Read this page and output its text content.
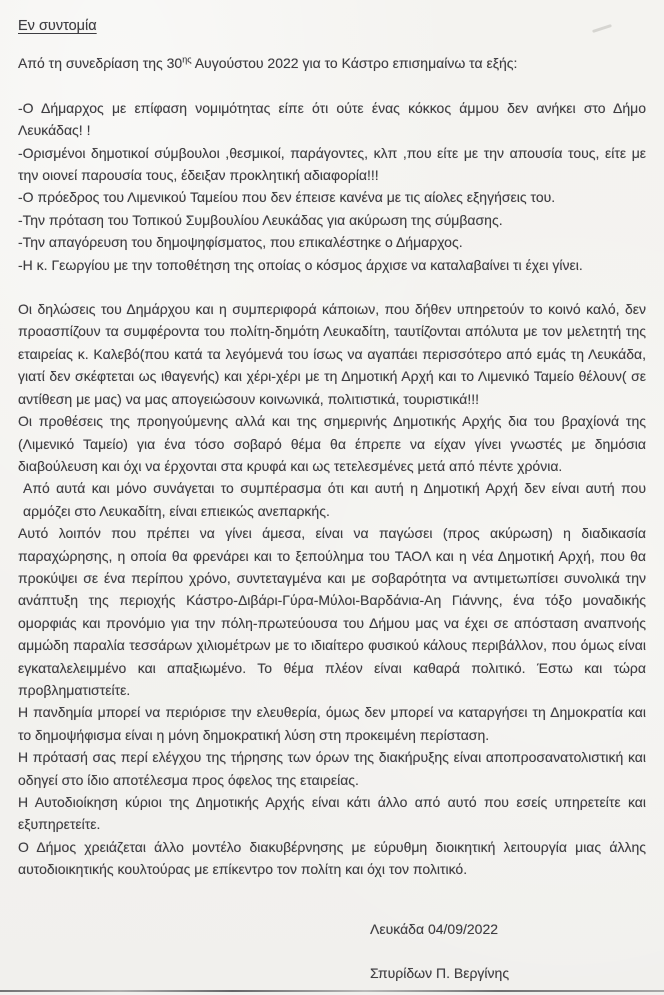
Εν συντομία

Από τη συνεδρίαση της $30^{\eta\varsigma}$ Αυγούστου 2022 για το Κάστρο επισημαίνω τα εξής:

-Ο Δήμαρχος με επίφαση νομιμότητας είπε ότι ούτε ένας κόκκος άμμου δεν ανήκει στο Δήμο Λευκάδας! !

-Ορισμένοι δημοτικοί σύμβουλοι ,θεσμικοί, παράγοντες, κλπ ,που είτε με την απουσία τους, είτε με την οιονεί παρουσία τους, έδειξαν προκλητική αδιαφορία!!!

-Ο πρόεδρος του Λιμενικού Ταμείου που δεν έπεισε κανένα με τις αίολες εξηγήσεις του.

-Την πρόταση του Τοπικού Συμβουλίου Λευκάδας για ακύρωση της σύμβασης.

-Την απαγόρευση του δημοψηφίσματος, που επικαλέστηκε ο Δήμαρχος.

-Η κ. Γεωργίου με την τοποθέτηση της οποίας ο κόσμος άρχισε να καταλαβαίνει τι έχει γίνει.

Οι δηλώσεις του Δημάρχου και η συμπεριφορά κάποιων, που δήθεν υπηρετούν το κοινό καλό, δεν προασπίζουν τα συμφέροντα του πολίτη-δημότη Λευκαδίτη, ταυτίζονται απόλυτα με τον μελετητή της εταιρείας κ. Καλεβό(που κατά τα λεγόμενά του ίσως να αγαπάει περισσότερο από εμάς τη Λευκάδα, γιατί δεν σκέφτεται ως ιθαγενής) και χέρι-χέρι με τη Δημοτική Αρχή και το Λιμενικό Ταμείο θέλουν( σε αντίθεση με μας) να μας απογειώσουν κοινωνικά, πολιτιστικά, τουριστικά!!!

Οι προθέσεις της προηγούμενης αλλά και της σημερινής Δημοτικής Αρχής δια του βραχίονά της (Λιμενικό Ταμείο) για ένα τόσο σοβαρό θέμα θα έπρεπε να είχαν γίνει γνωστές με δημόσια διαβούλευση και όχι να έρχονται στα κρυφά και ως τετελεσμένες μετά από πέντε χρόνια.

Από αυτά και μόνο συνάγεται το συμπέρασμα ότι και αυτή η Δημοτική Αρχή δεν είναι αυτή που αρμόζει στο Λευκαδίτη, είναι επιεικώς ανεπαρκής.

Αυτό λοιπόν που πρέπει να γίνει άμεσα, είναι να παγώσει (προς ακύρωση) η διαδικασία παραχώρησης, η οποία θα φρενάρει και το ξεπούλημα του ΤΑΟΛ και η νέα Δημοτική Αρχή, που θα προκύψει σε ένα περίπου χρόνο, συντεταγμένα και με σοβαρότητα να αντιμετωπίσει συνολικά την ανάπτυξη της περιοχής Κάστρο-Διβάρι-Γύρα-Μύλοι-Βαρδάνια-Αη Γιάννης, ένα τόξο μοναδικής ομορφιάς και προνόμιο για την πόλη-πρωτεύουσα του Δήμου μας να έχει σε απόσταση αναπνοής αμμώδη παραλία τεσσάρων χιλιομέτρων με το ιδιαίτερο φυσικού κάλους περιβάλλον, που όμως είναι εγκαταλελειμμένο και απαξιωμένο. Το θέμα πλέον είναι καθαρά πολιτικό. Έστω και τώρα προβληματιστείτε.

Η πανδημία μπορεί να περιόρισε την ελευθερία, όμως δεν μπορεί να καταργήσει τη Δημοκρατία και το δημοψήφισμα είναι η μόνη δημοκρατική λύση στη προκειμένη περίσταση.

Η πρότασή σας περί ελέγχου της τήρησης των όρων της διακήρυξης είναι αποπροσανατολιστική και οδηγεί στο ίδιο αποτέλεσμα προς όφελος της εταιρείας.

Η Αυτοδιοίκηση κύριοι της Δημοτικής Αρχής είναι κάτι άλλο από αυτό που εσείς υπηρετείτε και εξυπηρετείτε.

Ο Δήμος χρειάζεται άλλο μοντέλο διακυβέρνησης με εύρυθμη διοικητική λειτουργία μιας άλλης αυτοδιοικητικής κουλτούρας με επίκεντρο τον πολίτη και όχι τον πολιτικό.

Λευκάδα 04/09/2022
Σπυρίδων Π. Βεργίνης
